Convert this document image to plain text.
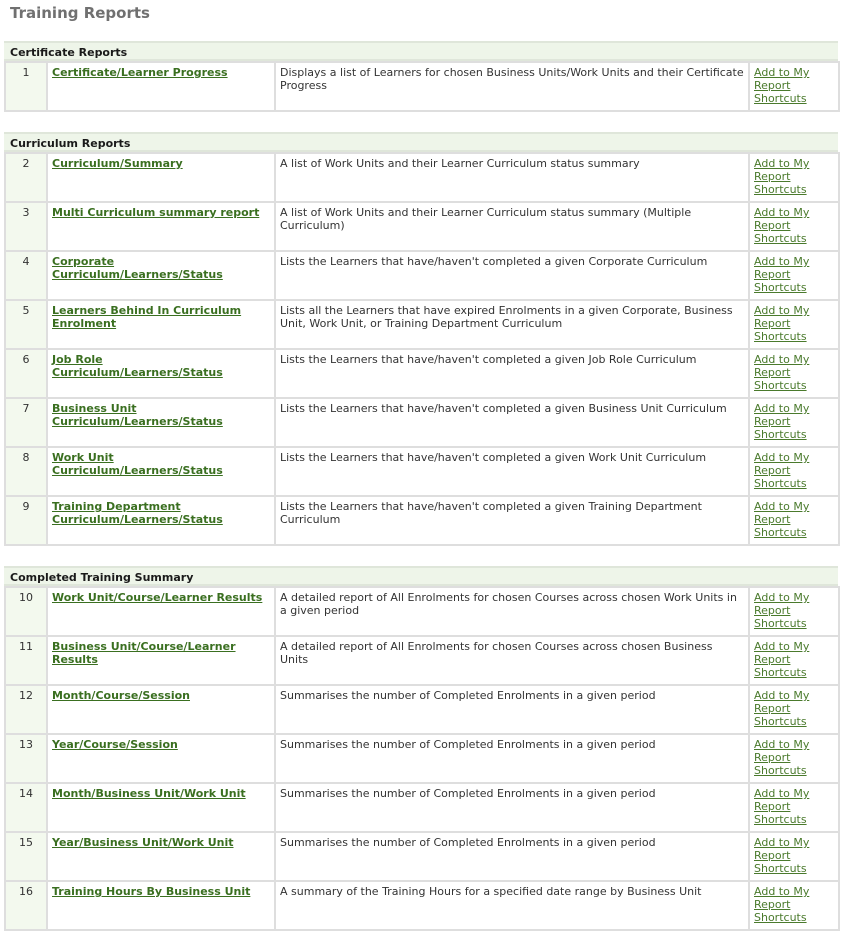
Training Reports
Certificate Reports
1	Certificate/Learner Progress	Displays a list of Learners for chosen Business Units/Work Units and their Certificate Progress	Add to My Report Shortcuts
Curriculum Reports
2	Curriculum/Summary	A list of Work Units and their Learner Curriculum status summary	Add to My Report Shortcuts
3	Multi Curriculum summary report	A list of Work Units and their Learner Curriculum status summary (Multiple Curriculum)	Add to My Report Shortcuts
4	Corporate Curriculum/Learners/Status	Lists the Learners that have/haven't completed a given Corporate Curriculum	Add to My Report Shortcuts
5	Learners Behind In Curriculum Enrolment	Lists all the Learners that have expired Enrolments in a given Corporate, Business Unit, Work Unit, or Training Department Curriculum	Add to My Report Shortcuts
6	Job Role Curriculum/Learners/Status	Lists the Learners that have/haven't completed a given Job Role Curriculum	Add to My Report Shortcuts
7	Business Unit Curriculum/Learners/Status	Lists the Learners that have/haven't completed a given Business Unit Curriculum	Add to My Report Shortcuts
8	Work Unit Curriculum/Learners/Status	Lists the Learners that have/haven't completed a given Work Unit Curriculum	Add to My Report Shortcuts
9	Training Department Curriculum/Learners/Status	Lists the Learners that have/haven't completed a given Training Department Curriculum	Add to My Report Shortcuts
Completed Training Summary
10	Work Unit/Course/Learner Results	A detailed report of All Enrolments for chosen Courses across chosen Work Units in a given period	Add to My Report Shortcuts
11	Business Unit/Course/Learner Results	A detailed report of All Enrolments for chosen Courses across chosen Business Units	Add to My Report Shortcuts
12	Month/Course/Session	Summarises the number of Completed Enrolments in a given period	Add to My Report Shortcuts
13	Year/Course/Session	Summarises the number of Completed Enrolments in a given period	Add to My Report Shortcuts
14	Month/Business Unit/Work Unit	Summarises the number of Completed Enrolments in a given period	Add to My Report Shortcuts
15	Year/Business Unit/Work Unit	Summarises the number of Completed Enrolments in a given period	Add to My Report Shortcuts
16	Training Hours By Business Unit	A summary of the Training Hours for a specified date range by Business Unit	Add to My Report Shortcuts
